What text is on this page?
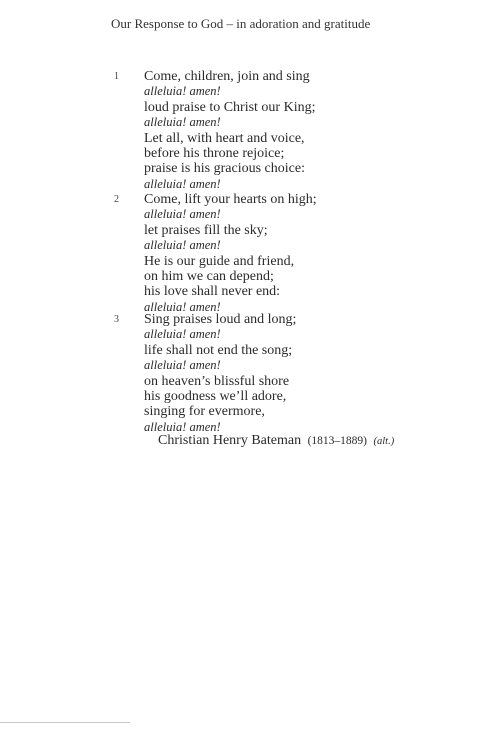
Our Response to God – in adoration and gratitude
1 Come, children, join and sing
alleluia! amen!
loud praise to Christ our King;
alleluia! amen!
Let all, with heart and voice,
before his throne rejoice;
praise is his gracious choice:
alleluia! amen!
2 Come, lift your hearts on high;
alleluia! amen!
let praises fill the sky;
alleluia! amen!
He is our guide and friend,
on him we can depend;
his love shall never end:
alleluia! amen!
3 Sing praises loud and long;
alleluia! amen!
life shall not end the song;
alleluia! amen!
on heaven’s blissful shore
his goodness we’ll adore,
singing for evermore,
alleluia! amen!
Christian Henry Bateman (1813–1889) (alt.)
